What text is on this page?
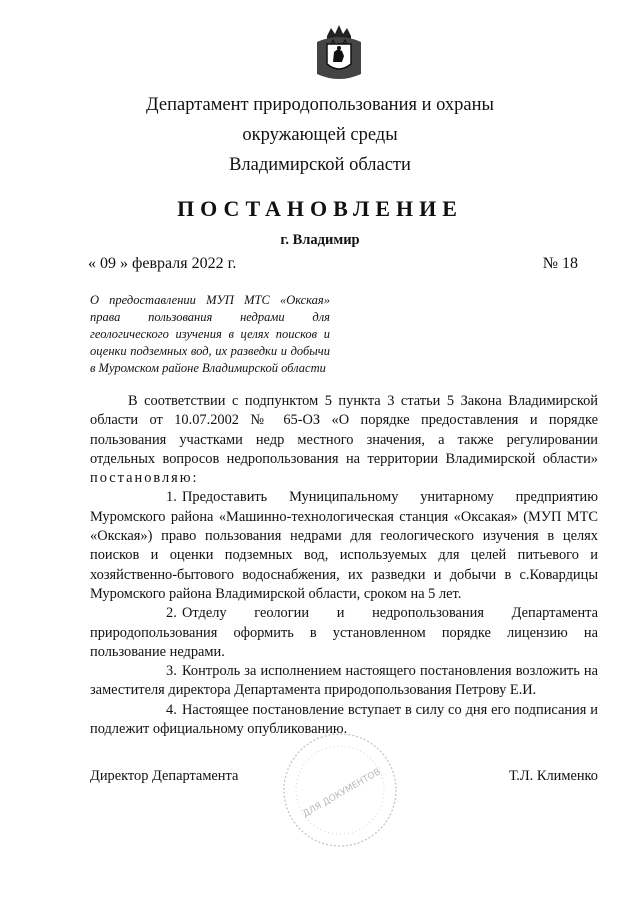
Департамент природопользования и охраны
окружающей среды
Владимирской области
ПОСТАНОВЛЕНИЕ
г. Владимир
« 09 » февраля 2022 г.	№ 18
О предоставлении МУП МТС «Окская» права пользования недрами для геологического изучения в целях поисков и оценки подземных вод, их разведки и добычи в Муромском районе Владимирской области

В соответствии с подпунктом 5 пункта 3 статьи 5 Закона Владимирской области от 10.07.2002 № 65-ОЗ «О порядке предоставления и порядке пользования участками недр местного значения, а также регулировании отдельных вопросов недропользования на территории Владимирской области» постановляю:

1. Предоставить Муниципальному унитарному предприятию Муромского района «Машинно-технологическая станция «Оксакая» (МУП МТС «Окская») право пользования недрами для геологического изучения в целях поисков и оценки подземных вод, используемых для целей питьевого и хозяйственно-бытового водоснабжения, их разведки и добычи в с.Ковардицы Муромского района Владимирской области, сроком на 5 лет.

2. Отделу геологии и недропользования Департамента природопользования оформить в установленном порядке лицензию на пользование недрами.

3. Контроль за исполнением настоящего постановления возложить на заместителя директора Департамента природопользования Петрову Е.И.

4. Настоящее постановление вступает в силу со дня его подписания и подлежит официальному опубликованию.

Директор Департамента	Т.Л. Клименко
ДЛЯ ДОКУМЕНТОВ
